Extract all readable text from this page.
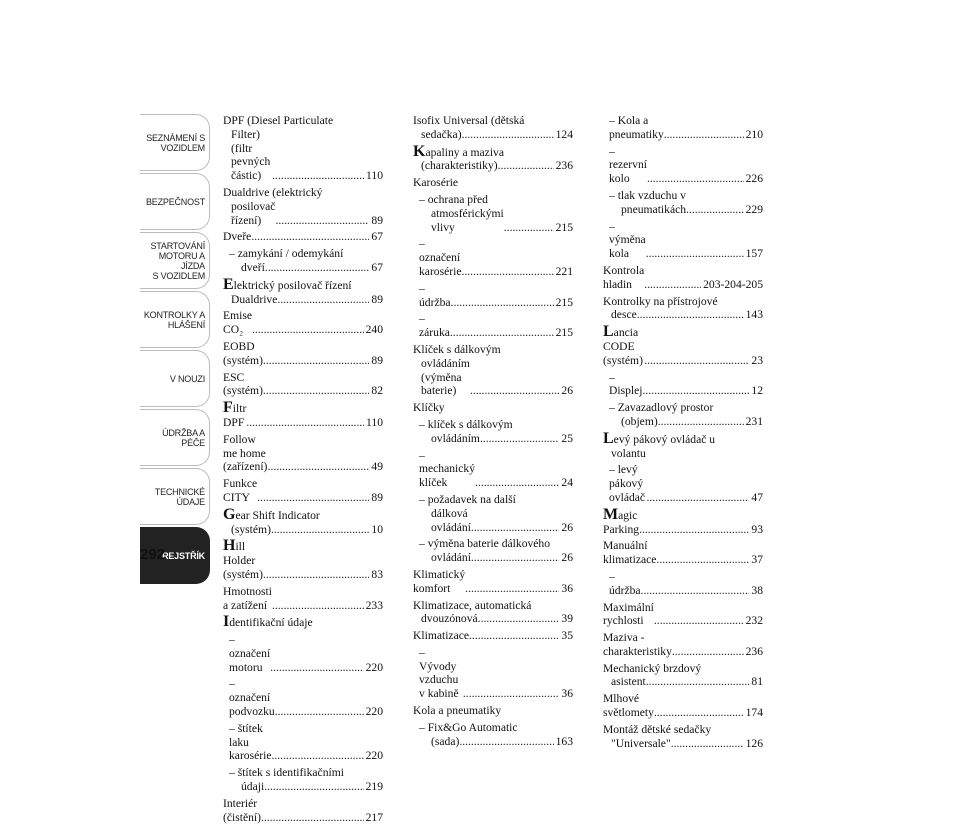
SEZNÁMENÍ S
VOZIDLEM
BEZPEČNOST
STARTOVÁNÍ
MOTORU A JÍZDA
S VOZIDLEM
KONTROLKY A
HLÁŠENÍ
V NOUZI
ÚDRŽBA A PÉČE
TECHNICKÉ
ÚDAJE
REJSTŘÍK
292
DPF (Diesel Particulate
Filter) (filtr pevných částic) .....	110
Dualdrive (elektrický
posilovač řízení) .....	89
Dveře .....	67
– zamykání / odemykání
dveří .....	67
Elektrický posilovač řízení
Dualdrive .....	89
Emise CO₂ .....	240
EOBD (systém) .....	89
ESC (systém) .....	82
Filtr DPF .....	110
Follow me home (zařízení) .....	49
Funkce CITY .....	89
Gear Shift Indicator
(systém) .....	10
Hill Holder (systém) .....	83
Hmotnosti a zatížení .....	233
Identifikační údaje
– označení motoru .....	220
– označení podvozku .....	220
– štítek laku karosérie .....	220
– štítek s identifikačními
údaji .....	219
Interiér (čistění) .....	217
Isofix Universal (dětská
sedačka) .....	124
Kapaliny a maziva
(charakteristiky) .....	236
Karosérie
– ochrana před
atmosférickými vlivy .....	215
– označení karosérie .....	221
– údržba .....	215
– záruka .....	215
Klíček s dálkovým
ovládáním (výměna baterie) .....	26
Klíčky
– klíček s dálkovým
ovládáním .....	25
– mechanický klíček .....	24
– požadavek na další
dálková ovládání .....	26
– výměna baterie dálkového
ovládání .....	26
Klimatický komfort .....	36
Klimatizace, automatická
dvouzónová .....	39
Klimatizace .....	35
– Vývody vzduchu v kabině .....	36
Kola a pneumatiky
– Fix&Go Automatic
(sada) .....	163
– Kola a pneumatiky .....	210
– rezervní kolo .....	226
– tlak vzduchu v
pneumatikách .....	229
– výměna kola .....	157
Kontrola hladin .....	203-204-205
Kontrolky na přístrojové
desce .....	143
Lancia CODE (systém) .....	23
– Displej .....	12
– Zavazadlový prostor
(objem) .....	231
Levý pákový ovládač u
volantu
– levý pákový ovládač .....	47
Magic Parking .....	93
Manuální klimatizace .....	37
– údržba .....	38
Maximální rychlosti .....	232
Maziva - charakteristiky .....	236
Mechanický brzdový
asistent .....	81
Mlhové světlomety .....	174
Montáž dětské sedačky
"Universale" .....	126
